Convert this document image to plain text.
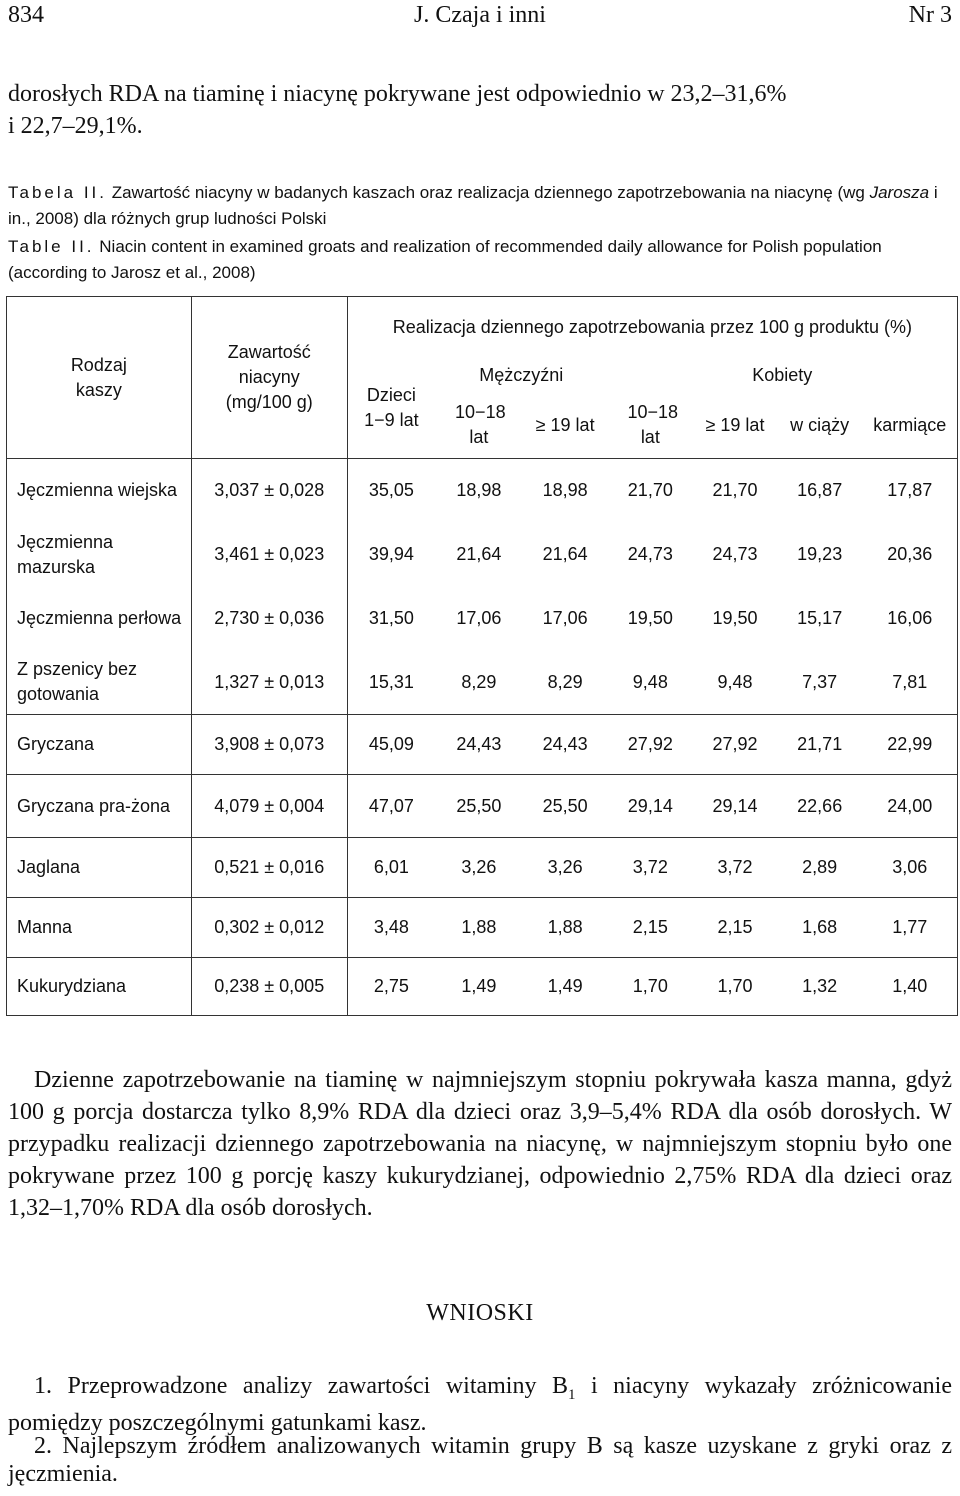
834	J. Czaja i inni	Nr 3
dorosłych RDA na tiaminę i niacynę pokrywane jest odpowiednio w 23,2–31,6%
i 22,7–29,1%.
Tabela II. Zawartość niacyny w badanych kaszach oraz realizacja dziennego zapotrzebowania na niacynę (wg Jarosza i in., 2008) dla różnych grup ludności Polski
Table II. Niacin content in examined groats and realization of recommended daily allowance for Polish population (according to Jarosz et al., 2008)
Rodzaj kaszy	Zawartość niacyny (mg/100 g)	Realizacja dziennego zapotrzebowania przez 100 g produktu (%)						
		Dzieci 1−9 lat	Mężczyźni		Kobiety			
			10−18 lat	≥ 19 lat	10−18 lat	≥ 19 lat	w ciąży	karmiące
Jęczmienna wiejska	3,037 ± 0,028	35,05	18,98	18,98	21,70	21,70	16,87	17,87
Jęczmienna mazurska	3,461 ± 0,023	39,94	21,64	21,64	24,73	24,73	19,23	20,36
Jęczmienna perłowa	2,730 ± 0,036	31,50	17,06	17,06	19,50	19,50	15,17	16,06
Z pszenicy bez gotowania	1,327 ± 0,013	15,31	8,29	8,29	9,48	9,48	7,37	7,81
Gryczana	3,908 ± 0,073	45,09	24,43	24,43	27,92	27,92	21,71	22,99
Gryczana pra-żona	4,079 ± 0,004	47,07	25,50	25,50	29,14	29,14	22,66	24,00
Jaglana	0,521 ± 0,016	6,01	3,26	3,26	3,72	3,72	2,89	3,06
Manna	0,302 ± 0,012	3,48	1,88	1,88	2,15	2,15	1,68	1,77
Kukurydziana	0,238 ± 0,005	2,75	1,49	1,49	1,70	1,70	1,32	1,40
Dzienne zapotrzebowanie na tiaminę w najmniejszym stopniu pokrywała kasza manna, gdyż 100 g porcja dostarcza tylko 8,9% RDA dla dzieci oraz 3,9–5,4% RDA dla osób dorosłych. W przypadku realizacji dziennego zapotrzebowania na niacynę, w najmniejszym stopniu było one pokrywane przez 100 g porcję kaszy kukurydzianej, odpowiednio 2,75% RDA dla dzieci oraz 1,32–1,70% RDA dla osób dorosłych.
WNIOSKI
1. Przeprowadzone analizy zawartości witaminy $B_1$ i niacyny wykazały zróżnicowanie pomiędzy poszczególnymi gatunkami kasz.
2. Najlepszym źródłem analizowanych witamin grupy B są kasze uzyskane z gryki oraz z jęczmienia.
